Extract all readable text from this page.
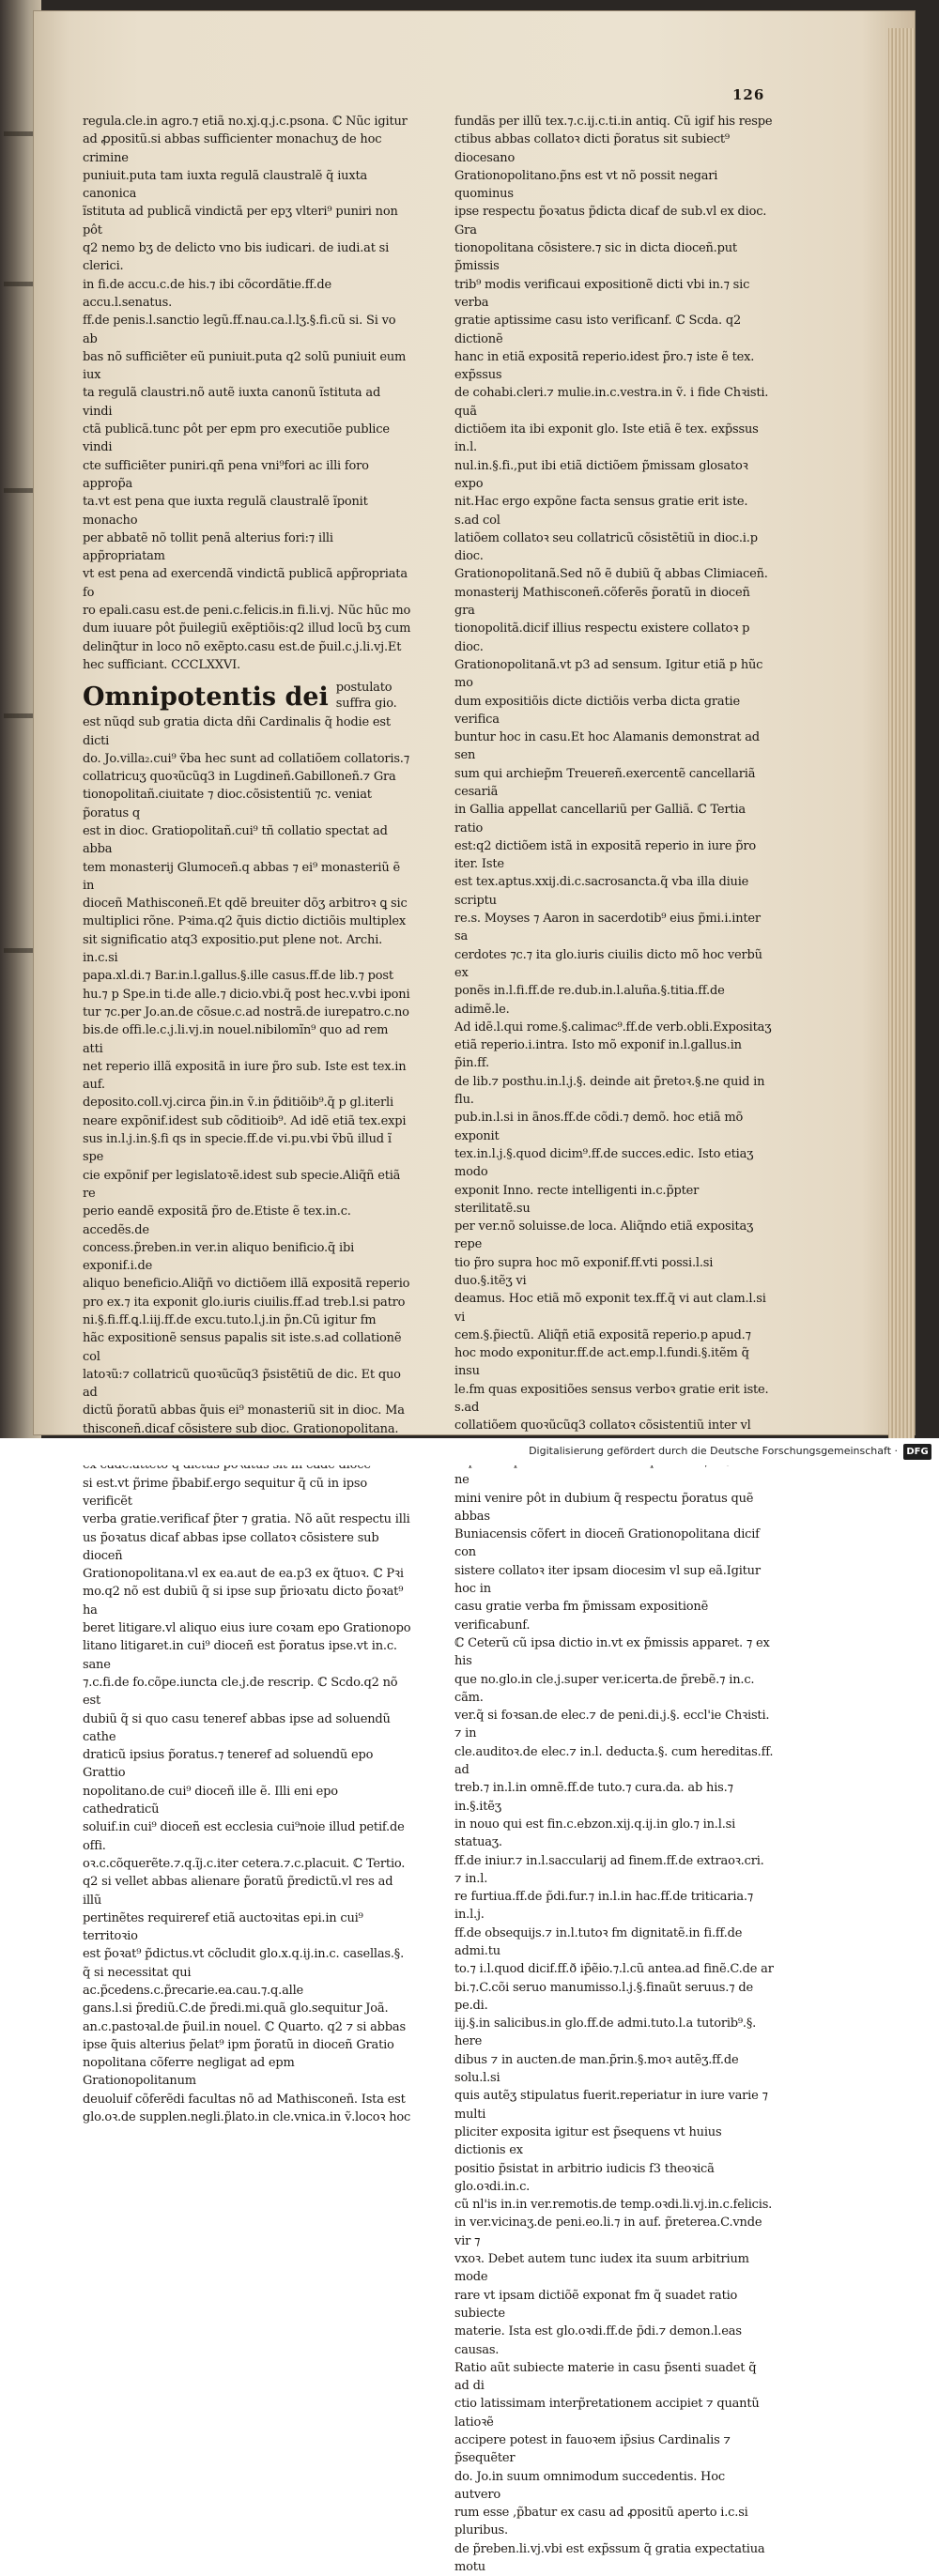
126

regula.cle.in agro.⁊ etiã no.xj.q.j.c.psona. ℂ Nũc igitur

ad ꝓpositũ.si abbas sufficienter monachuʒ de hoc crimine

puniuit.puta tam iuxta regulã claustralẽ q̃ iuxta canonica

ĩstituta ad publicã vindictã per epʒ vlteri⁹ puniri non pôt

q2 nemo bʒ de delicto vno bis iudicari. de iudi.at si clerici.

in fi.de accu.c.de his.⁊ ibi cõcordãtie.ff.de accu.l.senatus.

ff.de penis.l.sanctio legũ.ff.nau.ca.l.lʒ.§.fi.cũ si. Si vo ab

bas nõ sufficiẽter eũ puniuit.puta q2 solũ puniuit eum iux

ta regulã claustri.nõ autẽ iuxta canonũ ĩstituta ad vindi

ctã publicã.tunc pôt per epm pro executiõe publice vindi

cte sufficiẽter puniri.qñ pena vni⁹fori ac illi foro approp̃a

ta.vt est pena que iuxta regulã claustralẽ ĩponit monacho

per abbatẽ nõ tollit penã alterius fori:⁊ illi app̃ropriatam

vt est pena ad exercendã vindictã publicã app̃ropriata fo

ro epali.casu est.de peni.c.felicis.in fi.li.vj. Nũc hũc mo

dum iuuare pôt p̃uilegiũ exẽptiõis:q2 illud locũ bʒ cum

delinq̃tur in loco nõ exẽpto.casu est.de p̃uil.c.j.li.vj.Et

hec sufficiant. CCCLXXVI.

Omnipotentis dei postulato suffra gio.

est nũqd sub gratia dicta dñi Cardinalis q̃ hodie est dicti

do. Jo.villa₂.cui⁹ ṽba hec sunt ad collatiõem collatoris.⁊

collatricuʒ quoꝛũcũq3 in Lugdineñ.Gabilloneñ.⁊ Gra

tionopolitañ.ciuitate ⁊ dioc.cõsistentiũ ⁊c. veniat p̃oratus q

est in dioc. Gratiopolitañ.cui⁹ tñ collatio spectat ad abba

tem monasterij Glumoceñ.q abbas ⁊ ei⁹ monasteriũ ẽ in

dioceñ Mathisconeñ.Et qdẽ breuiter dõʒ arbitroꝛ ꝗ sic

multiplici rõne. Pꝛima.q2 q̃uis dictio dictiõis multiplex

sit significatio atq3 expositio.put plene not. Archi. in.c.si

papa.xl.di.⁊ Bar.in.l.gallus.§.ille casus.ff.de lib.⁊ post

hu.⁊ p Spe.in ti.de alle.⁊ dicio.vbi.q̃ post hec.v.vbi iponi

tur ⁊c.per Jo.an.de cõsue.c.ad nostrã.de iurepatro.c.no

bis.de offi.le.c.j.li.vj.in nouel.nibilomĩn⁹ quo ad rem atti

net reperio illã expositã in iure p̃ro sub. Iste est tex.in auf.

deposito.coll.vj.circa p̃in.in ṽ.in p̃ditiõib⁹.q̃ p gl.iterli

neare expõnif.idest sub cõditioib⁹. Ad idẽ etiã tex.expi

sus in.l.j.in.§.fi qs in specie.ff.de vi.pu.vbi ṽbũ illud ĩ spe

cie expõnif per legislatoꝛẽ.idest sub specie.Aliq̃ñ etiã re

perio eandẽ expositã p̃ro de.Etiste ẽ tex.in.c. accedẽs.de

concess.p̃reben.in ver.in aliquo benificio.q̃ ibi exponif.i.de

aliquo beneficio.Aliq̃ñ vo dictiõem illã expositã reperio

pro ex.⁊ ita exponit glo.iuris ciuilis.ff.ad treb.l.si patro

ni.§.fi.ff.ꝗ.l.iij.ff.de excu.tuto.l.j.in p̃n.Cũ igitur fm

hãc expositionẽ sensus papalis sit iste.s.ad collationẽ col

latoꝛũ:⁊ collatricũ quoꝛũcũq3 p̃sistẽtiũ de dic. Et quo ad

dictũ p̃oratũ abbas q̃uis ei⁹ monasteriũ sit in dioc. Ma

thisconeñ.dicaf cõsistere sub dioc. Grationopolitana.

si est.vt p̃rime p̃babif.ergo sequitur q̃ cũ in ipso verificẽt

verba gratie.verificaf p̃ter ⁊ gratia. Nõ aũt respectu illi

us p̃oꝛatus dicaf abbas ipse collatoꝛ cõsistere sub dioceñ

Grationopolitana.vl ex ea.aut de ea.p3 ex q̃tuoꝛ. ℂ Pꝛi

mo.q2 nõ est dubiũ q̃ si ipse sup p̃rioꝛatu dicto p̃oꝛat⁹ ha

beret litigare.vl aliquo eius iure coꝛam epo Grationopo

litano litigaret.in cui⁹ dioceñ est p̃oratus ipse.vt in.c. sane

⁊.c.fi.de fo.cõpe.iuncta cle.j.de rescrip. ℂ Scdo.q2 nõ est

dubiũ q̃ si quo casu teneref abbas ipse ad soluendũ cathe

draticũ ipsius p̃oratus.⁊ teneref ad soluendũ epo Grattio

nopolitano.de cui⁹ dioceñ ille ẽ. Illi eni epo cathedraticũ

soluif.in cui⁹ dioceñ est ecclesia cui⁹noie illud petif.de offi.

oꝛ.c.cõquerẽte.⁊.q.ĩj.c.iter cetera.⁊.c.placuit. ℂ Tertio.

q2 si vellet abbas alienare p̃oratũ p̃redictũ.vl res ad illũ

pertinẽtes requireref etiã auctoꝛitas epi.in cui⁹ territoꝛio

est p̃oꝛat⁹ p̃dictus.vt cõcludit glo.x.q.ij.in.c. casellas.§.

q̃ si necessitat qui ac.p̃cedens.c.p̃recarie.ea.cau.⁊.q.alle

gans.l.si p̃rediũ.C.de p̃redi.mi.quã glo.sequitur Joã.

an.c.pastoꝛal.de p̃uil.in nouel. ℂ Quarto. q2 ⁊ si abbas

ipse q̃uis alterius p̃elat⁹ ipm p̃oratũ in dioceñ Gratio

nopolitana cõferre negligat ad epm Grationopolitanum

deuoluif cõferẽdi facultas nõ ad Mathisconeñ. Ista est

glo.oꝛ.de supplen.negli.p̃lato.in cle.vnica.in ṽ.locoꝛ hoc

fundãs per illũ tex.⁊.c.ij.c.ti.in antiq. Cũ igif his respe

ctibus abbas collatoꝛ dicti p̃oratus sit subiect⁹ diocesano

Grationopolitano.p̃ns est vt nõ possit negari quominus

ipse respectu p̃oꝛatus p̃dicta dicaf de sub.vl ex dioc. Gra

tionopolitana cõsistere.⁊ sic in dicta dioceñ.put p̃missis

trib⁹ modis verificaui expositionẽ dicti vbi in.⁊ sic verba

gratie aptissime casu isto verificanf. ℂ Scda. q2 dictionẽ

hanc in etiã expositã reperio.idest p̃ro.⁊ iste ẽ tex. exp̃ssus

de cohabi.cleri.⁊ mulie.in.c.vestra.in ṽ. i fide Chꝛisti. quã

dictiõem ita ibi exponit glo. Iste etiã ẽ tex. exp̃ssus in.l.

nul.in.§.fi.,put ibi etiã dictiõem p̃missam glosatoꝛ expo

nit.Hac ergo expõne facta sensus gratie erit iste. s.ad col

latiõem collatoꝛ seu collatricũ cõsistẽtiũ in dioc.i.p dioc.

Grationopolitanã.Sed nõ ẽ dubiũ q̃ abbas Climiaceñ.

monasterij Mathisconeñ.cõferẽs p̃oratũ in dioceñ gra

tionopolitã.dicif illius respectu existere collatoꝛ p dioc.

Grationopolitanã.vt p3 ad sensum. Igitur etiã p hũc mo

dum expositiõis dicte dictiõis verba dicta gratie verifica

buntur hoc in casu.Et hoc Alamanis demonstrat ad sen

sum qui archiep̃m Treuereñ.exercentẽ cancellariã cesariã

in Gallia appellat cancellariũ per Galliã. ℂ Tertia ratio

est:q2 dictiõem istã in expositã reperio in iure p̃ro iter. Iste

est tex.aptus.xxij.di.c.sacrosancta.q̃ vba illa diuie scriptu

re.s. Moyses ⁊ Aaron in sacerdotib⁹ eius p̃mi.i.inter sa

cerdotes ⁊c.⁊ ita glo.iuris ciuilis dicto mõ hoc verbũ ex

ponẽs in.l.fi.ff.de re.dub.in.l.aluña.§.titia.ff.de adimẽ.le.

Ad idẽ.l.qui rome.§.calimac⁹.ff.de verb.obli.Expositaʒ

etiã reperio.i.intra. Isto mõ exponif in.l.gallus.in p̃in.ff.

de lib.⁊ posthu.in.l.j.§. deinde ait p̃retoꝛ.§.ne quid in flu.

pub.in.l.si in ãnos.ff.de cõdi.⁊ demõ. hoc etiã mõ exponit

tex.in.l.j.§.quod dicim⁹.ff.de succes.edic. Isto etiaʒ modo

exponit Inno. recte intelligenti in.c.p̃pter sterilitatẽ.su

per ver.nõ soluisse.de loca. Aliq̃ndo etiã expositaʒ repe

tio p̃ro supra hoc mõ exponif.ff.vti possi.l.si duo.§.itẽʒ vi

deamus. Hoc etiã mõ exponit tex.ff.q̃ vi aut clam.l.si vi

cem.§.p̃iectũ. Aliq̃ñ etiã expositã reperio.p apud.⁊

hoc modo exponitur.ff.de act.emp.l.fundi.§.itẽm q̃ insu

le.fm quas expositiões sensus verboꝛ gratie erit iste. s.ad

collatiõem quoꝛũcũq3 collatoꝛ cõsistentiũ inter vl

ne

mini venire pôt in dubium q̃ respectu p̃oratus quẽ abbas

Buniacensis cõfert in dioceñ Grationopolitana dicif con

sistere collatoꝛ iter ipsam diocesim vl sup eã.Igitur hoc in

casu gratie verba fm p̃missam expositionẽ verificabunf.

ℂ Ceterũ cũ ipsa dictio in.vt ex p̃missis apparet. ⁊ ex his

que no.glo.in cle.j.super ver.icerta.de p̃rebẽ.⁊ in.c. cãm.

ver.q̃ si foꝛsan.de elec.⁊ de peni.di.j.§. eccl'ie Chꝛisti. ⁊ in

cle.auditoꝛ.de elec.⁊ in.l. deducta.§. cum hereditas.ff. ad

treb.⁊ in.l.in omnẽ.ff.de tuto.⁊ cura.da. ab his.⁊ in.§.itẽʒ

in nouo qui est fin.c.ebzon.xij.q.ij.in glo.⁊ in.l.si statuaʒ.

ff.de iniur.⁊ in.l.saccularij ad finem.ff.de extraoꝛ.cri. ⁊ in.l.

re furtiua.ff.de p̃di.fur.⁊ in.l.in hac.ff.de triticaria.⁊ in.l.j.

ff.de obsequijs.⁊ in.l.tutoꝛ fm dignitatẽ.in fi.ff.de admi.tu

to.⁊ i.l.quod dicif.ff.ð ip̃ẽio.⁊.l.cũ antea.ad finẽ.C.de ar

bi.⁊.C.cõi seruo manumisso.l.j.§.finaũt seruus.⁊ de pe.di.

iij.§.in salicibus.in glo.ff.de admi.tuto.l.a tutorib⁹.§. here

dibus ⁊ in aucten.de man.p̃rin.§.moꝛ autẽʒ.ff.de solu.l.si

quis autẽʒ stipulatus fuerit.reperiatur in iure varie ⁊ multi

pliciter exposita igitur est p̃sequens vt huius dictionis ex

positio p̃sistat in arbitrio iudicis f3 theoꝛicã glo.oꝛdi.in.c.

cũ nl'is in.in ver.remotis.de temp.oꝛdi.li.vj.in.c.felicis.

in ver.vicinaʒ.de peni.eo.li.⁊ in auf. p̃reterea.C.vnde vir ⁊

vxoꝛ. Debet autem tunc iudex ita suum arbitrium mode

rare vt ipsam dictiõẽ exponat fm q̃ suadet ratio subiecte

materie. Ista est glo.oꝛdi.ff.de p̃di.⁊ demon.l.eas causas.

Ratio aũt subiecte materie in casu p̃senti suadet q̃ ad di

ctio latissimam interp̃retationem accipiet ⁊ quantũ latioꝛẽ

accipere potest in fauoꝛem ip̃sius Cardinalis ⁊ p̃sequẽter

do. Jo.in suum omnimodum succedentis. Hoc autvero

rum esse ,p̃batur ex casu ad ꝓpositũ aperto i.c.si pluribus.

de p̃reben.li.vj.vbi est exp̃ssum q̃ gratia expectatiua motu

Digitalisierung gefördert durch die Deutsche Forschungsgemeinschaft · DFG
